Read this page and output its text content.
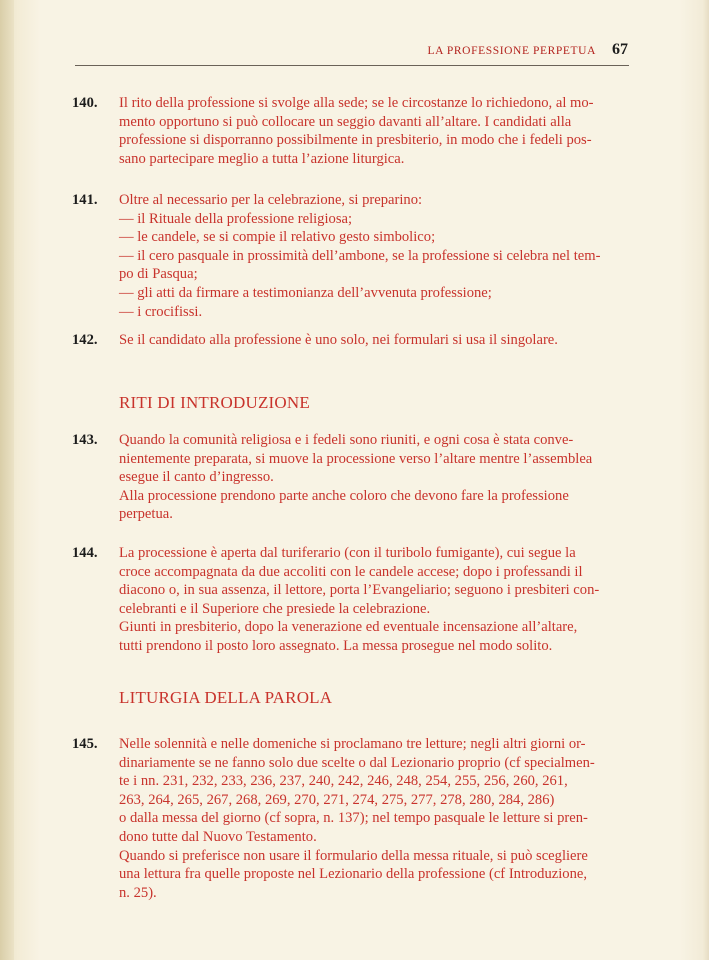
LA PROFESSIONE PERPETUA 67
140.	Il rito della professione si svolge alla sede; se le circostanze lo richiedono, al mo-
mento opportuno si può collocare un seggio davanti all’altare. I candidati alla
professione si disporranno possibilmente in presbiterio, in modo che i fedeli pos-
sano partecipare meglio a tutta l’azione liturgica.
141.	Oltre al necessario per la celebrazione, si preparino:
— il Rituale della professione religiosa;
— le candele, se si compie il relativo gesto simbolico;
— il cero pasquale in prossimità dell’ambone, se la professione si celebra nel tem-
po di Pasqua;
— gli atti da firmare a testimonianza dell’avvenuta professione;
— i crocifissi.
142.	Se il candidato alla professione è uno solo, nei formulari si usa il singolare.
RITI DI INTRODUZIONE
143.	Quando la comunità religiosa e i fedeli sono riuniti, e ogni cosa è stata conve-
nientemente preparata, si muove la processione verso l’altare mentre l’assemblea
esegue il canto d’ingresso.
Alla processione prendono parte anche coloro che devono fare la professione
perpetua.
144.	La processione è aperta dal turiferario (con il turibolo fumigante), cui segue la
croce accompagnata da due accoliti con le candele accese; dopo i professandi il
diacono o, in sua assenza, il lettore, porta l’Evangeliario; seguono i presbiteri con-
celebranti e il Superiore che presiede la celebrazione.
Giunti in presbiterio, dopo la venerazione ed eventuale incensazione all’altare,
tutti prendono il posto loro assegnato. La messa prosegue nel modo solito.
LITURGIA DELLA PAROLA
145.	Nelle solennità e nelle domeniche si proclamano tre letture; negli altri giorni or-
dinariamente se ne fanno solo due scelte o dal Lezionario proprio (cf specialmen-
te i nn. 231, 232, 233, 236, 237, 240, 242, 246, 248, 254, 255, 256, 260, 261,
263, 264, 265, 267, 268, 269, 270, 271, 274, 275, 277, 278, 280, 284, 286)
o dalla messa del giorno (cf sopra, n. 137); nel tempo pasquale le letture si pren-
dono tutte dal Nuovo Testamento.
Quando si preferisce non usare il formulario della messa rituale, si può scegliere
una lettura fra quelle proposte nel Lezionario della professione (cf Introduzione,
n. 25).
